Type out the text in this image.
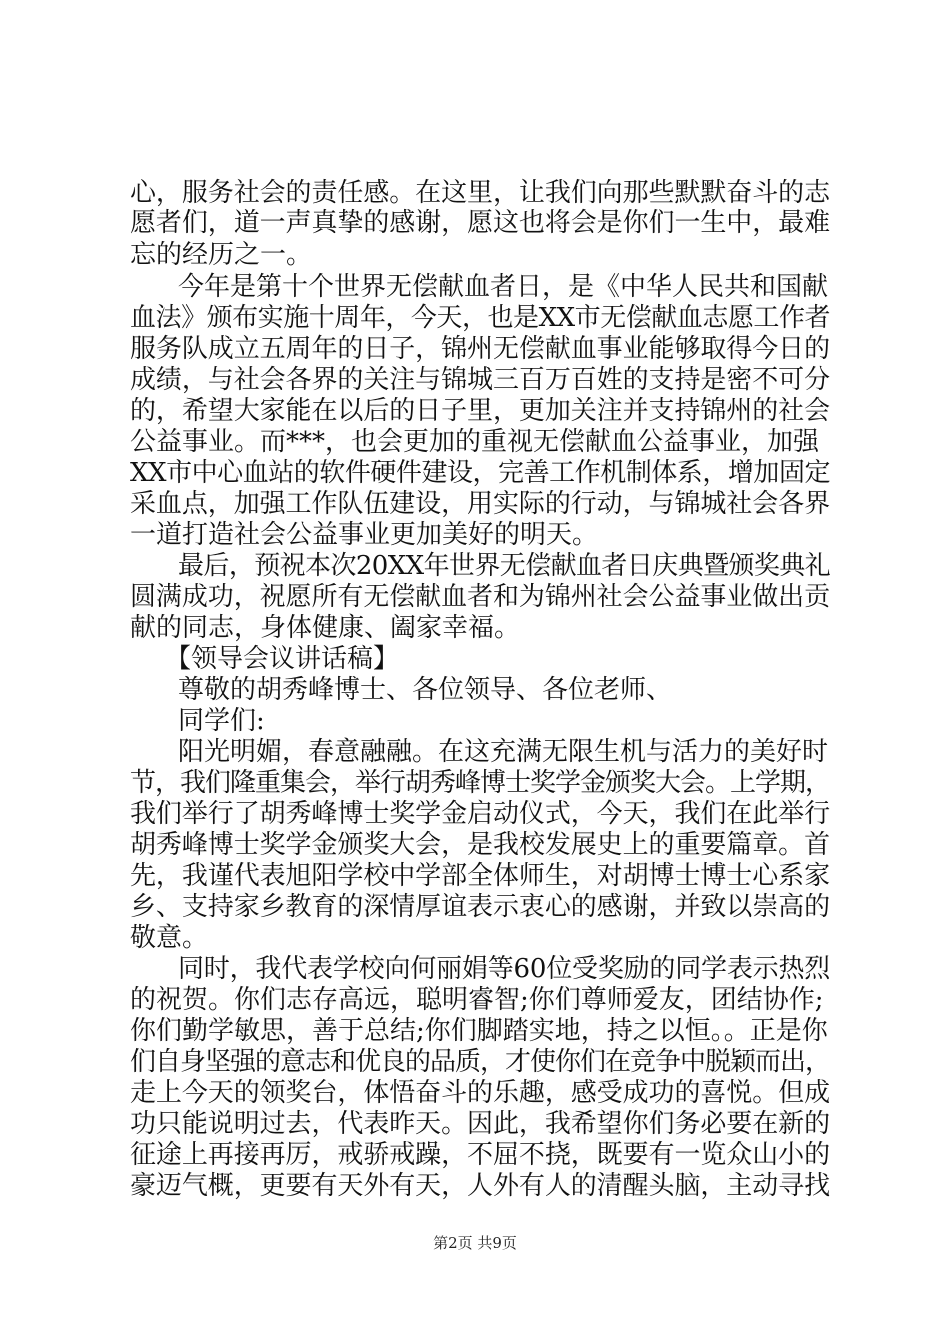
心，服务社会的责任感。在这里，让我们向那些默默奋斗的志
愿者们，道一声真挚的感谢，愿这也将会是你们一生中，最难
忘的经历之一。
今年是第十个世界无偿献血者日，是《中华人民共和国献
血法》颁布实施十周年，今天，也是XX市无偿献血志愿工作者
服务队成立五周年的日子，锦州无偿献血事业能够取得今日的
成绩，与社会各界的关注与锦城三百万百姓的支持是密不可分
的，希望大家能在以后的日子里，更加关注并支持锦州的社会
公益事业。而***，也会更加的重视无偿献血公益事业，加强
XX市中心血站的软件硬件建设，完善工作机制体系，增加固定
采血点，加强工作队伍建设，用实际的行动，与锦城社会各界
一道打造社会公益事业更加美好的明天。
最后，预祝本次20XX年世界无偿献血者日庆典暨颁奖典礼
圆满成功，祝愿所有无偿献血者和为锦州社会公益事业做出贡
献的同志，身体健康、阖家幸福。
【领导会议讲话稿】
尊敬的胡秀峰博士、各位领导、各位老师、
同学们:
阳光明媚，春意融融。在这充满无限生机与活力的美好时
节，我们隆重集会，举行胡秀峰博士奖学金颁奖大会。上学期，
我们举行了胡秀峰博士奖学金启动仪式，今天，我们在此举行
胡秀峰博士奖学金颁奖大会，是我校发展史上的重要篇章。首
先，我谨代表旭阳学校中学部全体师生，对胡博士博士心系家
乡、支持家乡教育的深情厚谊表示衷心的感谢，并致以崇高的
敬意。
同时，我代表学校向何丽娟等60位受奖励的同学表示热烈
的祝贺。你们志存高远，聪明睿智;你们尊师爱友，团结协作;
你们勤学敏思，善于总结;你们脚踏实地，持之以恒。。正是你
们自身坚强的意志和优良的品质，才使你们在竞争中脱颖而出，
走上今天的领奖台，体悟奋斗的乐趣，感受成功的喜悦。但成
功只能说明过去，代表昨天。因此，我希望你们务必要在新的
征途上再接再厉，戒骄戒躁，不屈不挠，既要有一览众山小的
豪迈气概，更要有天外有天，人外有人的清醒头脑，主动寻找
第2页 共9页
